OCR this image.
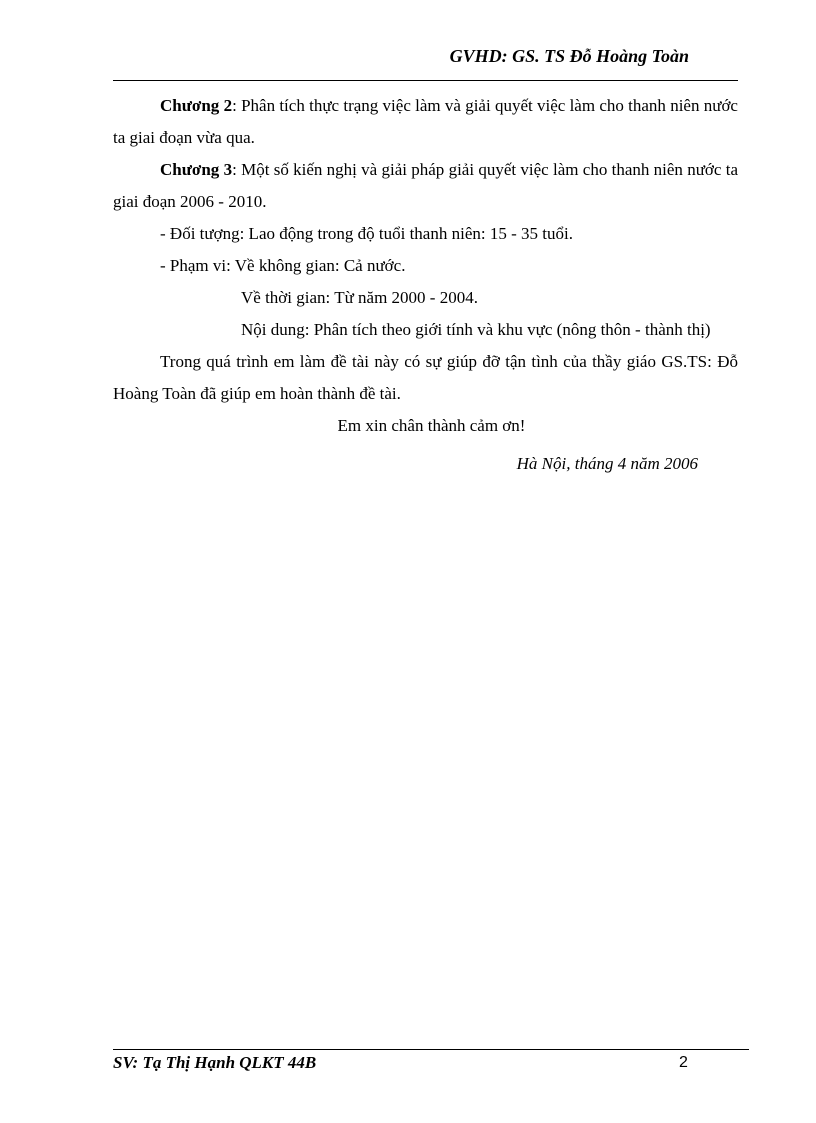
GVHD: GS. TS Đỗ Hoàng Toàn

Chương 2: Phân tích thực trạng việc làm và giải quyết việc làm cho thanh niên nước ta giai đoạn vừa qua.

Chương 3: Một số kiến nghị và giải pháp giải quyết việc làm cho thanh niên nước ta giai đoạn 2006 - 2010.

- Đối tượng: Lao động trong độ tuổi thanh niên: 15 - 35 tuổi.

- Phạm vi: Về không gian: Cả nước.

Về thời gian: Từ năm 2000 - 2004.

Nội dung: Phân tích theo giới tính và khu vực (nông thôn - thành thị)

Trong quá trình em làm đề tài này có sự giúp đỡ tận tình của thầy giáo GS.TS: Đỗ Hoàng Toàn đã giúp em hoàn thành đề tài.

Em xin chân thành cảm ơn!

Hà Nội, tháng 4 năm 2006

SV: Tạ Thị Hạnh QLKT 44B	2
